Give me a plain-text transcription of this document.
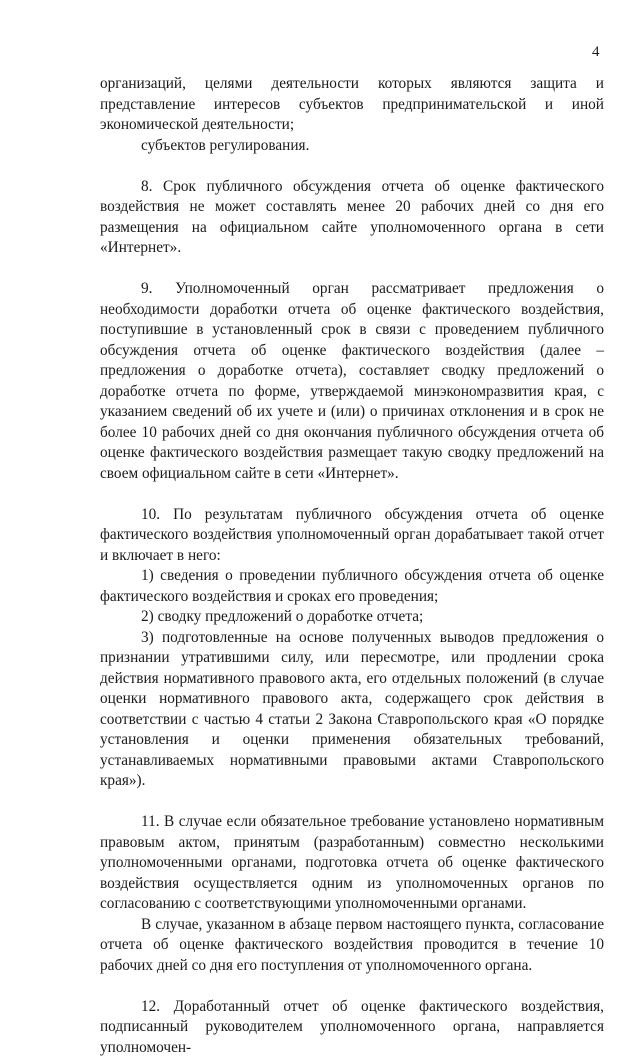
4

организаций, целями деятельности которых являются защита и представление интересов субъектов предпринимательской и иной экономической деятельности;

субъектов регулирования.

8. Срок публичного обсуждения отчета об оценке фактического воздействия не может составлять менее 20 рабочих дней со дня его размещения на официальном сайте уполномоченного органа в сети «Интернет».

9. Уполномоченный орган рассматривает предложения о необходимости доработки отчета об оценке фактического воздействия, поступившие в установленный срок в связи с проведением публичного обсуждения отчета об оценке фактического воздействия (далее – предложения о доработке отчета), составляет сводку предложений о доработке отчета по форме, утверждаемой минэкономразвития края, с указанием сведений об их учете и (или) о причинах отклонения и в срок не более 10 рабочих дней со дня окончания публичного обсуждения отчета об оценке фактического воздействия размещает такую сводку предложений на своем официальном сайте в сети «Интернет».

10. По результатам публичного обсуждения отчета об оценке фактического воздействия уполномоченный орган дорабатывает такой отчет и включает в него:

1) сведения о проведении публичного обсуждения отчета об оценке фактического воздействия и сроках его проведения;

2) сводку предложений о доработке отчета;

3) подготовленные на основе полученных выводов предложения о признании утратившими силу, или пересмотре, или продлении срока действия нормативного правового акта, его отдельных положений (в случае оценки нормативного правового акта, содержащего срок действия в соответствии с частью 4 статьи 2 Закона Ставропольского края «О порядке установления и оценки применения обязательных требований, устанавливаемых нормативными правовыми актами Ставропольского края»).

11. В случае если обязательное требование установлено нормативным правовым актом, принятым (разработанным) совместно несколькими уполномоченными органами, подготовка отчета об оценке фактического воздействия осуществляется одним из уполномоченных органов по согласованию с соответствующими уполномоченными органами.

В случае, указанном в абзаце первом настоящего пункта, согласование отчета об оценке фактического воздействия проводится в течение 10 рабочих дней со дня его поступления от уполномоченного органа.

12. Доработанный отчет об оценке фактического воздействия, подписанный руководителем уполномоченного органа, направляется уполномочен-
